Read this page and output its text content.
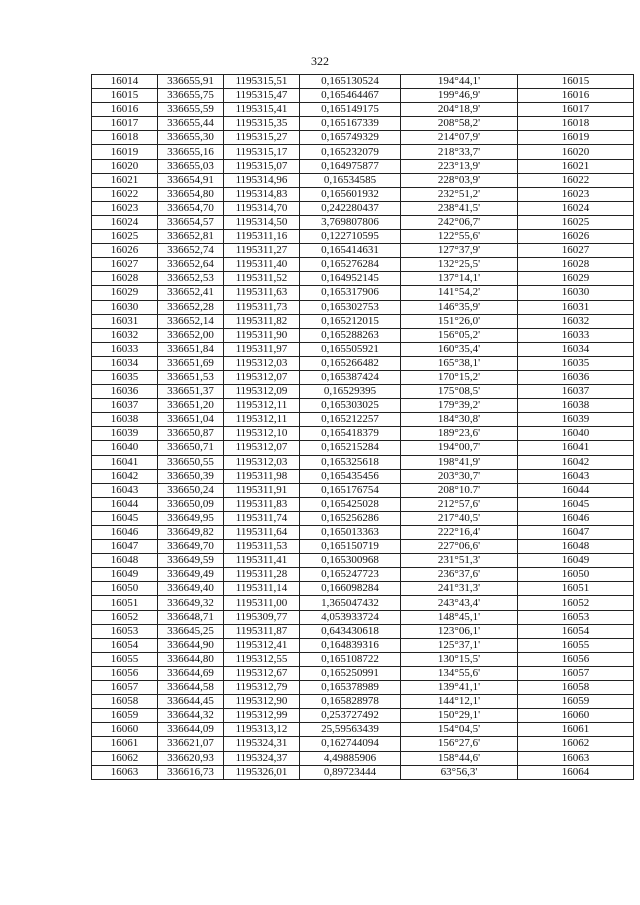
322
16014	336655,91	1195315,51	0,165130524	194°44,1'	16015
16015	336655,75	1195315,47	0,165464467	199°46,9'	16016
16016	336655,59	1195315,41	0,165149175	204°18,9'	16017
16017	336655,44	1195315,35	0,165167339	208°58,2'	16018
16018	336655,30	1195315,27	0,165749329	214°07,9'	16019
16019	336655,16	1195315,17	0,165232079	218°33,7'	16020
16020	336655,03	1195315,07	0,164975877	223°13,9'	16021
16021	336654,91	1195314,96	0,16534585	228°03,9'	16022
16022	336654,80	1195314,83	0,165601932	232°51,2'	16023
16023	336654,70	1195314,70	0,242280437	238°41,5'	16024
16024	336654,57	1195314,50	3,769807806	242°06,7'	16025
16025	336652,81	1195311,16	0,122710595	122°55,6'	16026
16026	336652,74	1195311,27	0,165414631	127°37,9'	16027
16027	336652,64	1195311,40	0,165276284	132°25,5'	16028
16028	336652,53	1195311,52	0,164952145	137°14,1'	16029
16029	336652,41	1195311,63	0,165317906	141°54,2'	16030
16030	336652,28	1195311,73	0,165302753	146°35,9'	16031
16031	336652,14	1195311,82	0,165212015	151°26,0'	16032
16032	336652,00	1195311,90	0,165288263	156°05,2'	16033
16033	336651,84	1195311,97	0,165505921	160°35,4'	16034
16034	336651,69	1195312,03	0,165266482	165°38,1'	16035
16035	336651,53	1195312,07	0,165387424	170°15,2'	16036
16036	336651,37	1195312,09	0,16529395	175°08,5'	16037
16037	336651,20	1195312,11	0,165303025	179°39,2'	16038
16038	336651,04	1195312,11	0,165212257	184°30,8'	16039
16039	336650,87	1195312,10	0,165418379	189°23,6'	16040
16040	336650,71	1195312,07	0,165215284	194°00,7'	16041
16041	336650,55	1195312,03	0,165325618	198°41,9'	16042
16042	336650,39	1195311,98	0,165435456	203°30,7'	16043
16043	336650,24	1195311,91	0,165176754	208°10.7'	16044
16044	336650,09	1195311,83	0,165425028	212°57,6'	16045
16045	336649,95	1195311,74	0,165256286	217°40,5'	16046
16046	336649,82	1195311,64	0,165013363	222°16,4'	16047
16047	336649,70	1195311,53	0,165150719	227°06,6'	16048
16048	336649,59	1195311,41	0,165300968	231°51,3'	16049
16049	336649,49	1195311,28	0,165247723	236°37,6'	16050
16050	336649,40	1195311,14	0,166098284	241°31,3'	16051
16051	336649,32	1195311,00	1,365047432	243°43,4'	16052
16052	336648,71	1195309,77	4,053933724	148°45,1'	16053
16053	336645,25	1195311,87	0,643430618	123°06,1'	16054
16054	336644,90	1195312,41	0,164839316	125°37,1'	16055
16055	336644,80	1195312,55	0,165108722	130°15,5'	16056
16056	336644,69	1195312,67	0,165250991	134°55,6'	16057
16057	336644,58	1195312,79	0,165378989	139°41,1'	16058
16058	336644,45	1195312,90	0,165828978	144°12,1'	16059
16059	336644,32	1195312,99	0,253727492	150°29,1'	16060
16060	336644,09	1195313,12	25,59563439	154°04,5'	16061
16061	336621,07	1195324,31	0,162744094	156°27,6'	16062
16062	336620,93	1195324,37	4,49885906	158°44,6'	16063
16063	336616,73	1195326,01	0,89723444	63°56,3'	16064
